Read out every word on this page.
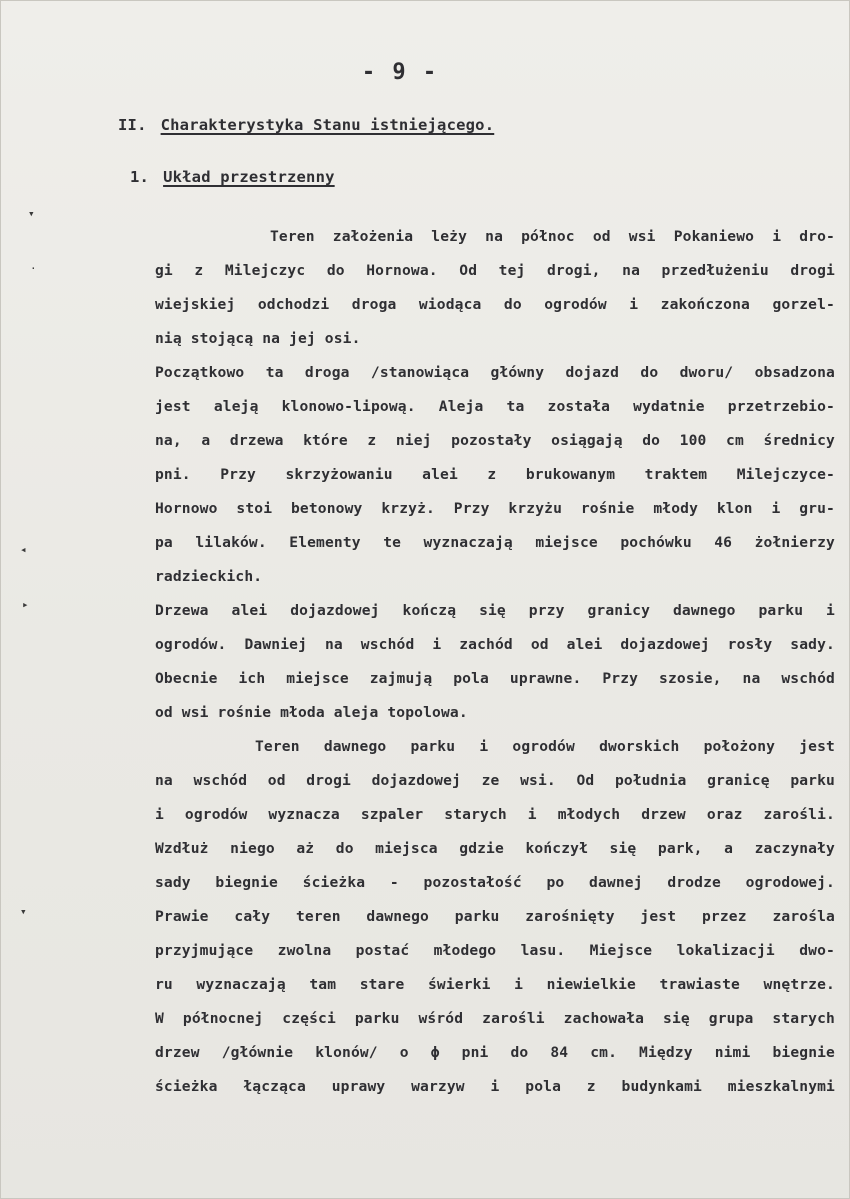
- 9 -
II. Charakterystyka Stanu istniejącego.
1. Układ przestrzenny
Teren założenia leży na północ od wsi Pokaniewo i dro-
gi z Milejczyc do Hornowa. Od tej drogi, na przedłużeniu drogi
wiejskiej odchodzi droga wiodąca do ogrodów i zakończona gorzel-
nią stojącą na jej osi.
Początkowo ta droga /stanowiąca główny dojazd do dworu/ obsadzona
jest aleją klonowo-lipową. Aleja ta została wydatnie przetrzebio-
na, a drzewa które z niej pozostały osiągają do 100 cm średnicy
pni. Przy skrzyżowaniu alei z brukowanym traktem Milejczyce-
Hornowo stoi betonowy krzyż. Przy krzyżu rośnie młody klon i gru-
pa lilaków. Elementy te wyznaczają miejsce pochówku 46 żołnierzy
radzieckich.
Drzewa alei dojazdowej kończą się przy granicy dawnego parku i
ogrodów. Dawniej na wschód i zachód od alei dojazdowej rosły sady.
Obecnie ich miejsce zajmują pola uprawne. Przy szosie, na wschód
od wsi rośnie młoda aleja topolowa.
Teren dawnego parku i ogrodów dworskich położony jest
na wschód od drogi dojazdowej ze wsi. Od południa granicę parku
i ogrodów wyznacza szpaler starych i młodych drzew oraz zarośli.
Wzdłuż niego aż do miejsca gdzie kończył się park, a zaczynały
sady biegnie ścieżka - pozostałość po dawnej drodze ogrodowej.
Prawie cały teren dawnego parku zarośnięty jest przez zarośla
przyjmujące zwolna postać młodego lasu. Miejsce lokalizacji dwo-
ru wyznaczają tam stare świerki i niewielkie trawiaste wnętrze.
W północnej części parku wśród zarośli zachowała się grupa starych
drzew /głównie klonów/ o ϕ pni do 84 cm. Między nimi biegnie
ścieżka łącząca uprawy warzyw i pola z budynkami mieszkalnymi
▾
·
◂
▸
▾
